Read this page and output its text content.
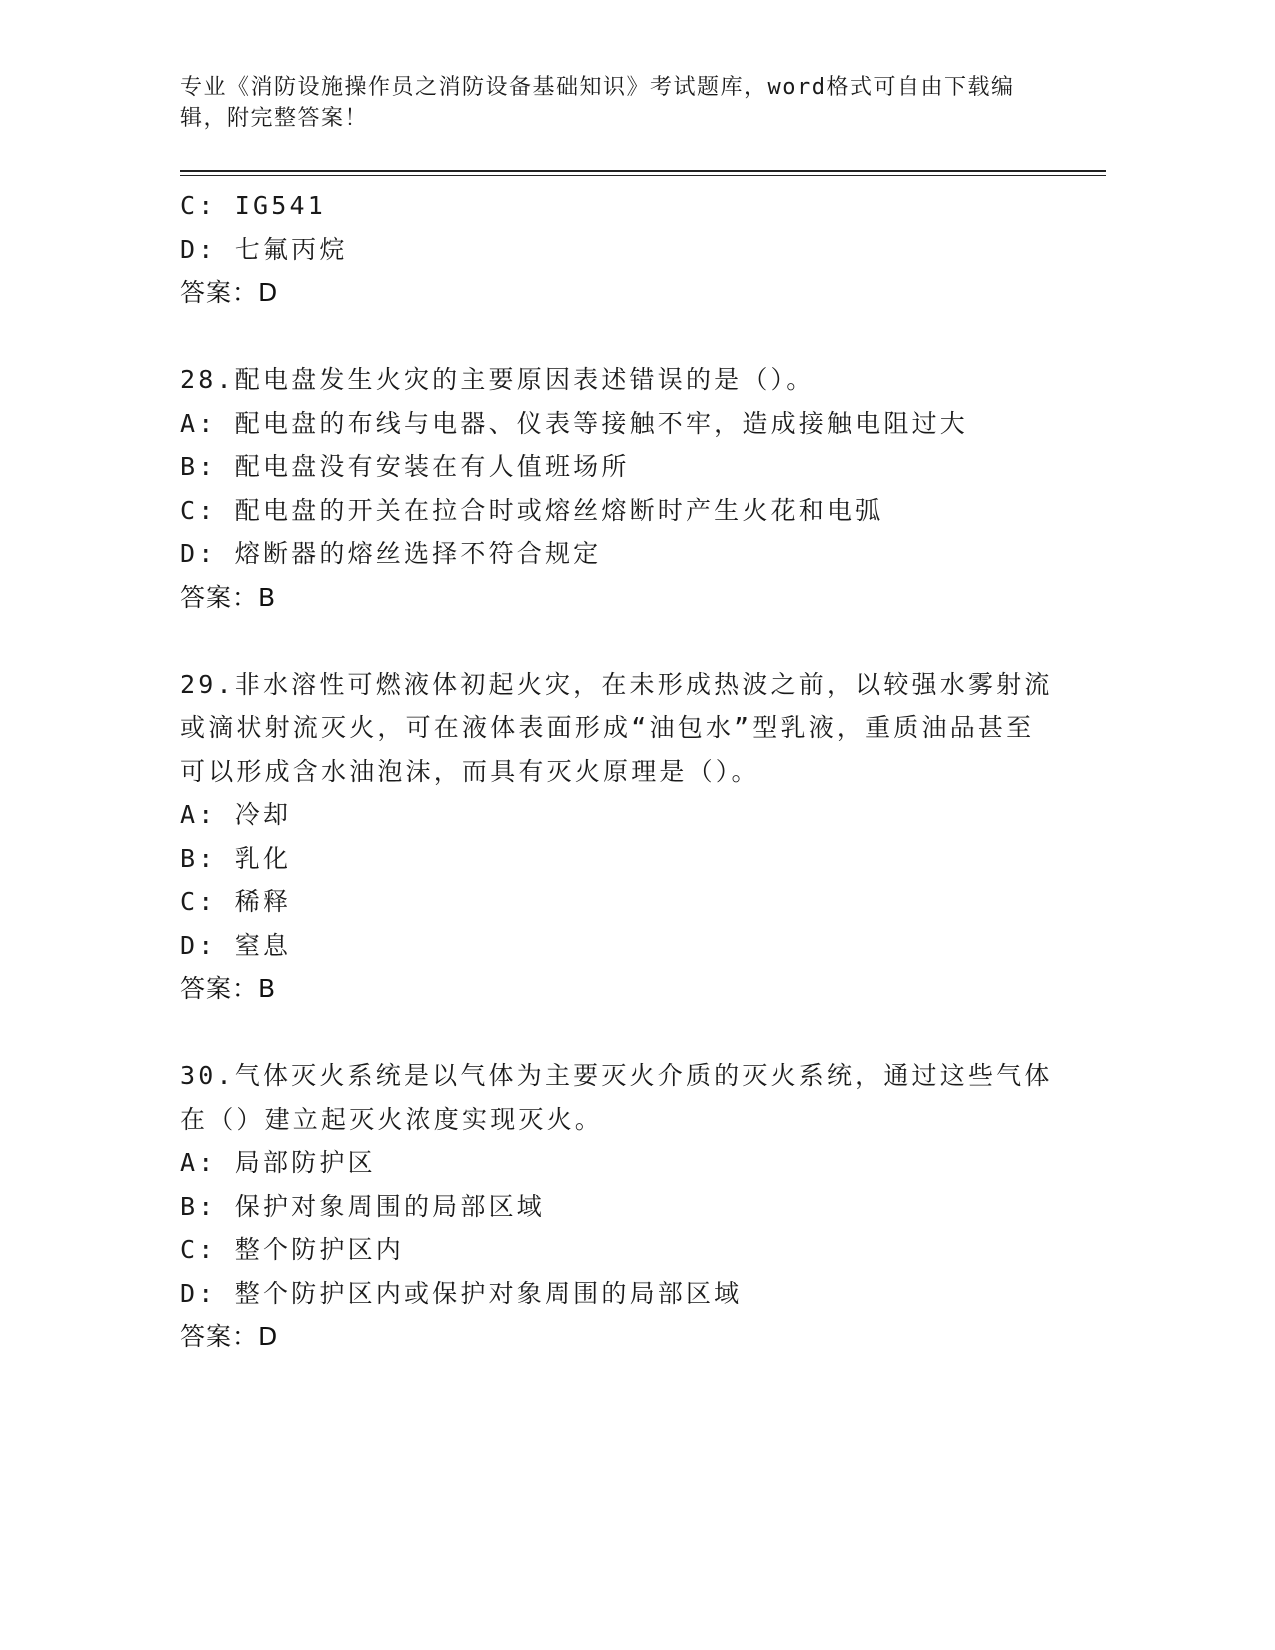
专业《消防设施操作员之消防设备基础知识》考试题库，word格式可自由下载编辑，附完整答案！
C: IG541
D: 七氟丙烷
答案：D
28.配电盘发生火灾的主要原因表述错误的是（）。
A: 配电盘的布线与电器、仪表等接触不牢，造成接触电阻过大
B: 配电盘没有安装在有人值班场所
C: 配电盘的开关在拉合时或熔丝熔断时产生火花和电弧
D: 熔断器的熔丝选择不符合规定
答案：B
29.非水溶性可燃液体初起火灾，在未形成热波之前，以较强水雾射流或滴状射流灭火，可在液体表面形成“油包水”型乳液，重质油品甚至可以形成含水油泡沫，而具有灭火原理是（）。
A: 冷却
B: 乳化
C: 稀释
D: 窒息
答案：B
30.气体灭火系统是以气体为主要灭火介质的灭火系统，通过这些气体在（）建立起灭火浓度实现灭火。
A: 局部防护区
B: 保护对象周围的局部区域
C: 整个防护区内
D: 整个防护区内或保护对象周围的局部区域
答案：D
